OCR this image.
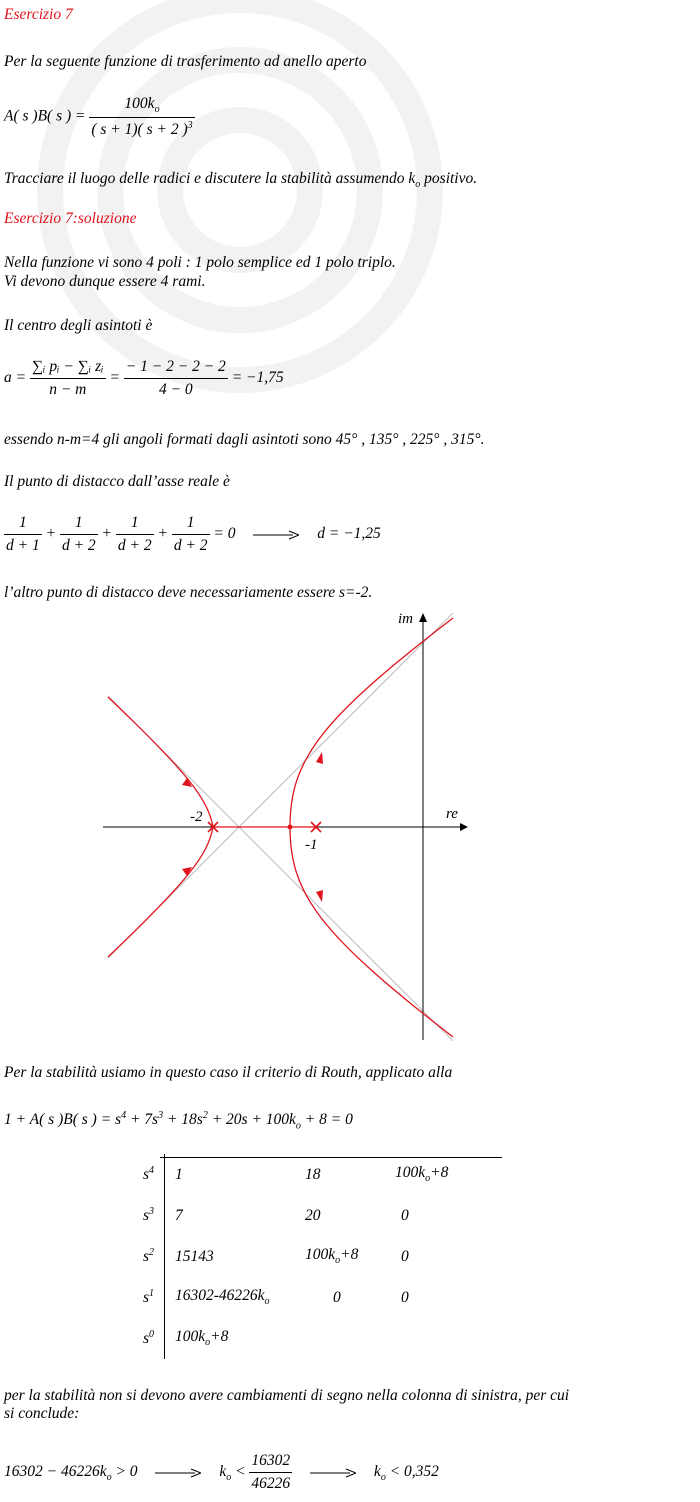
Esercizio 7
Per la seguente funzione di trasferimento ad anello aperto
A( s )B( s ) = $\frac{100k_o}{( s + 1)( s + 2 )^3}$
Tracciare il luogo delle radici e discutere la stabilità assumendo $k_o$ positivo.
Esercizio 7:soluzione
Nella funzione vi sono 4 poli : 1 polo semplice ed 1 polo triplo.
Vi devono dunque essere 4 rami.
Il centro degli asintoti è
$a = \frac{\text{∑ᵢ pᵢ − ∑ᵢ zᵢ}}{n - m} = \frac{- 1 - 2 - 2 - 2}{4 - 0} = -1,75$
essendo n-m=4 gli angoli formati dagli asintoti sono 45° , 135° , 225° , 315°.
Il punto di distacco dall’asse reale è
$\frac{1}{d + 1} + \frac{1}{d + 2} + \frac{1}{d + 2} + \frac{1}{d + 2} = 0$	d = −1,25
l’altro punto di distacco deve necessariamente essere s=-2.
im
re
-2
-1
Per la stabilità usiamo in questo caso il criterio di Routh, applicato alla
1 + A( s )B( s ) = $s^4 + 7s^3 + 18s^2 + 20s + 100k_o + 8 = 0$
$s^4$	1	18	$100k_o+8$
$s^3$	7	20	0
$s^2$	15143	$100k_o+8$	0
$s^1$	$16302-46226k_o$	0	0
$s^0$	$100k_o+8$		
per la stabilità non si devono avere cambiamenti di segno nella colonna di sinistra, per cui
si conclude:
$16302 - 46226k_o > 0$	$k_o < \frac{16302}{46226}$	$k_o < 0,352$
